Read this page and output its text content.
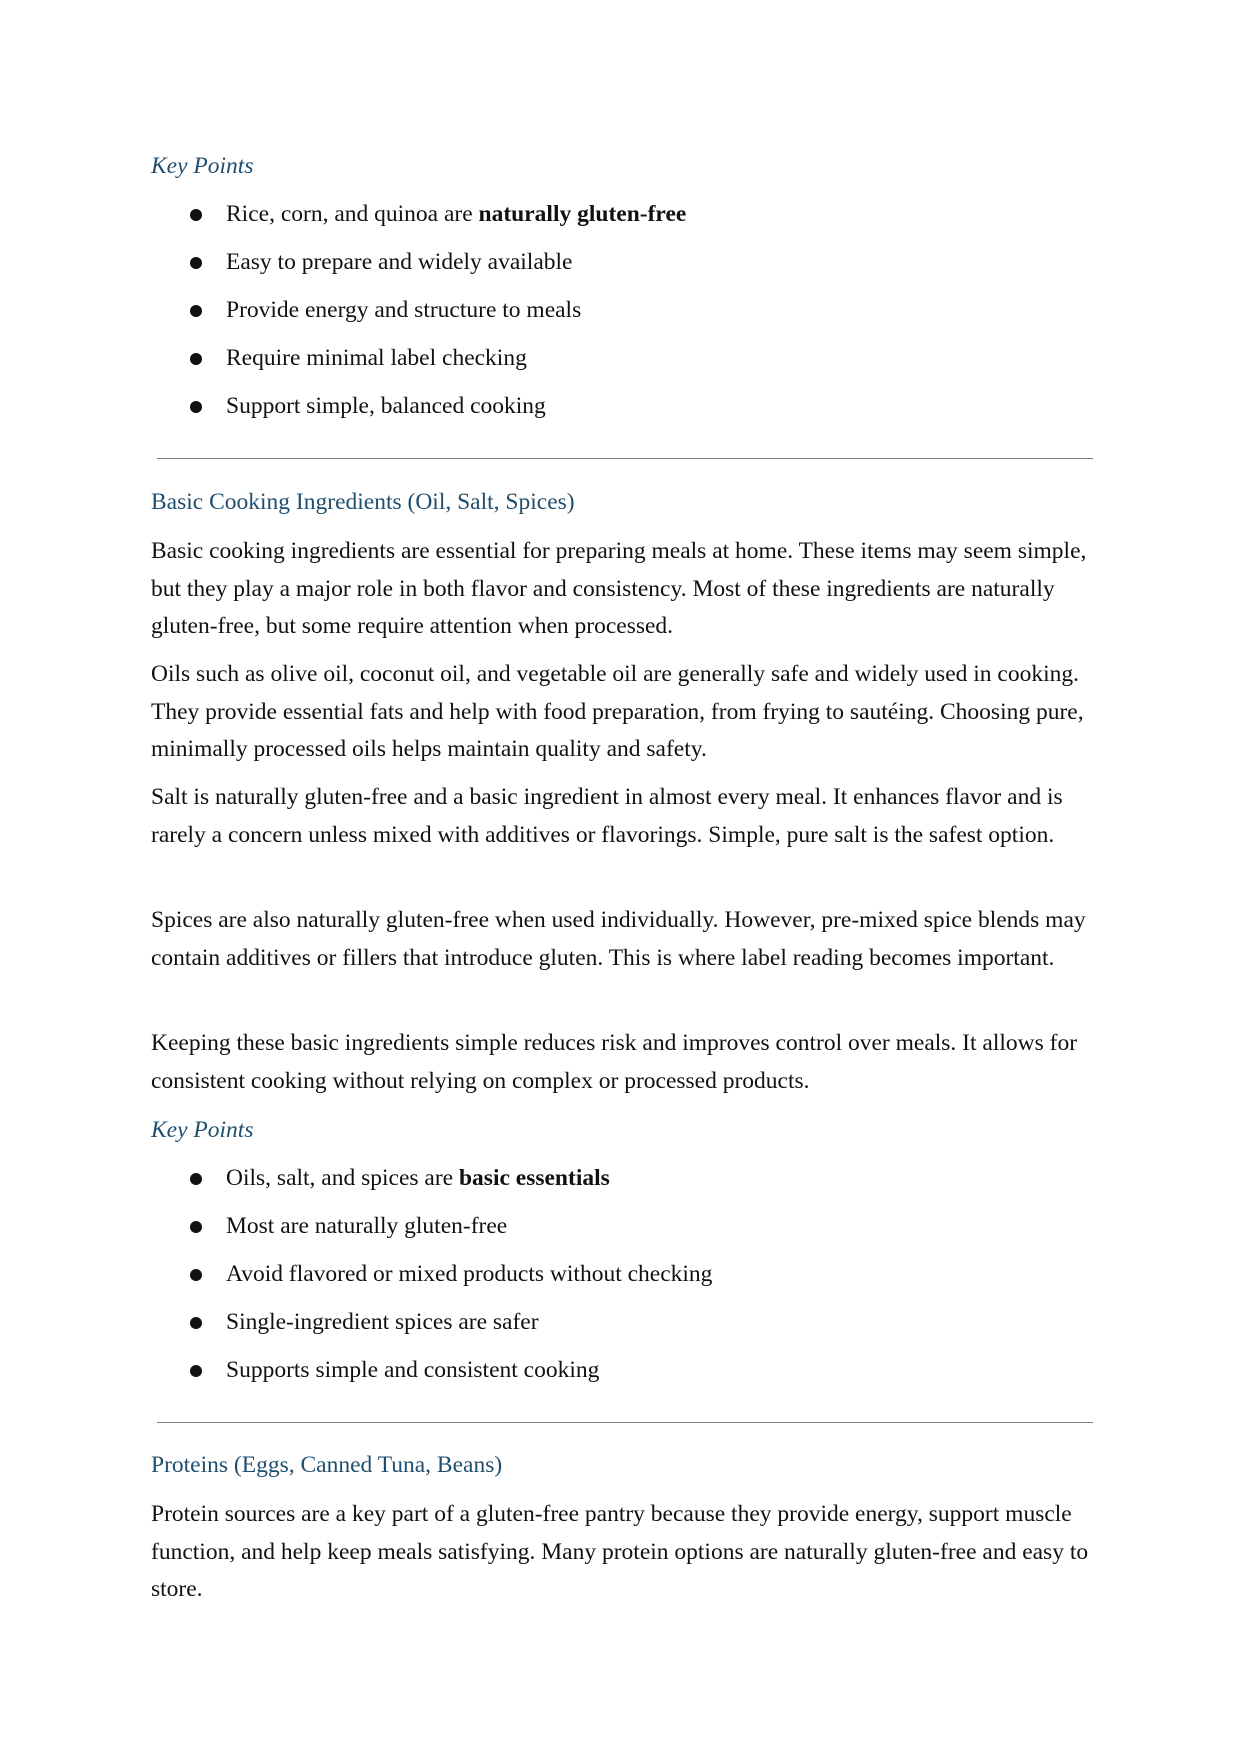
Key Points
Rice, corn, and quinoa are naturally gluten-free
Easy to prepare and widely available
Provide energy and structure to meals
Require minimal label checking
Support simple, balanced cooking
Basic Cooking Ingredients (Oil, Salt, Spices)

Basic cooking ingredients are essential for preparing meals at home. These items may seem simple, but they play a major role in both flavor and consistency. Most of these ingredients are naturally gluten-free, but some require attention when processed.

Oils such as olive oil, coconut oil, and vegetable oil are generally safe and widely used in cooking. They provide essential fats and help with food preparation, from frying to sautéing. Choosing pure, minimally processed oils helps maintain quality and safety.

Salt is naturally gluten-free and a basic ingredient in almost every meal. It enhances flavor and is rarely a concern unless mixed with additives or flavorings. Simple, pure salt is the safest option.

Spices are also naturally gluten-free when used individually. However, pre-mixed spice blends may contain additives or fillers that introduce gluten. This is where label reading becomes important.

Keeping these basic ingredients simple reduces risk and improves control over meals. It allows for consistent cooking without relying on complex or processed products.

Key Points
Oils, salt, and spices are basic essentials
Most are naturally gluten-free
Avoid flavored or mixed products without checking
Single-ingredient spices are safer
Supports simple and consistent cooking
Proteins (Eggs, Canned Tuna, Beans)

Protein sources are a key part of a gluten-free pantry because they provide energy, support muscle function, and help keep meals satisfying. Many protein options are naturally gluten-free and easy to store.
